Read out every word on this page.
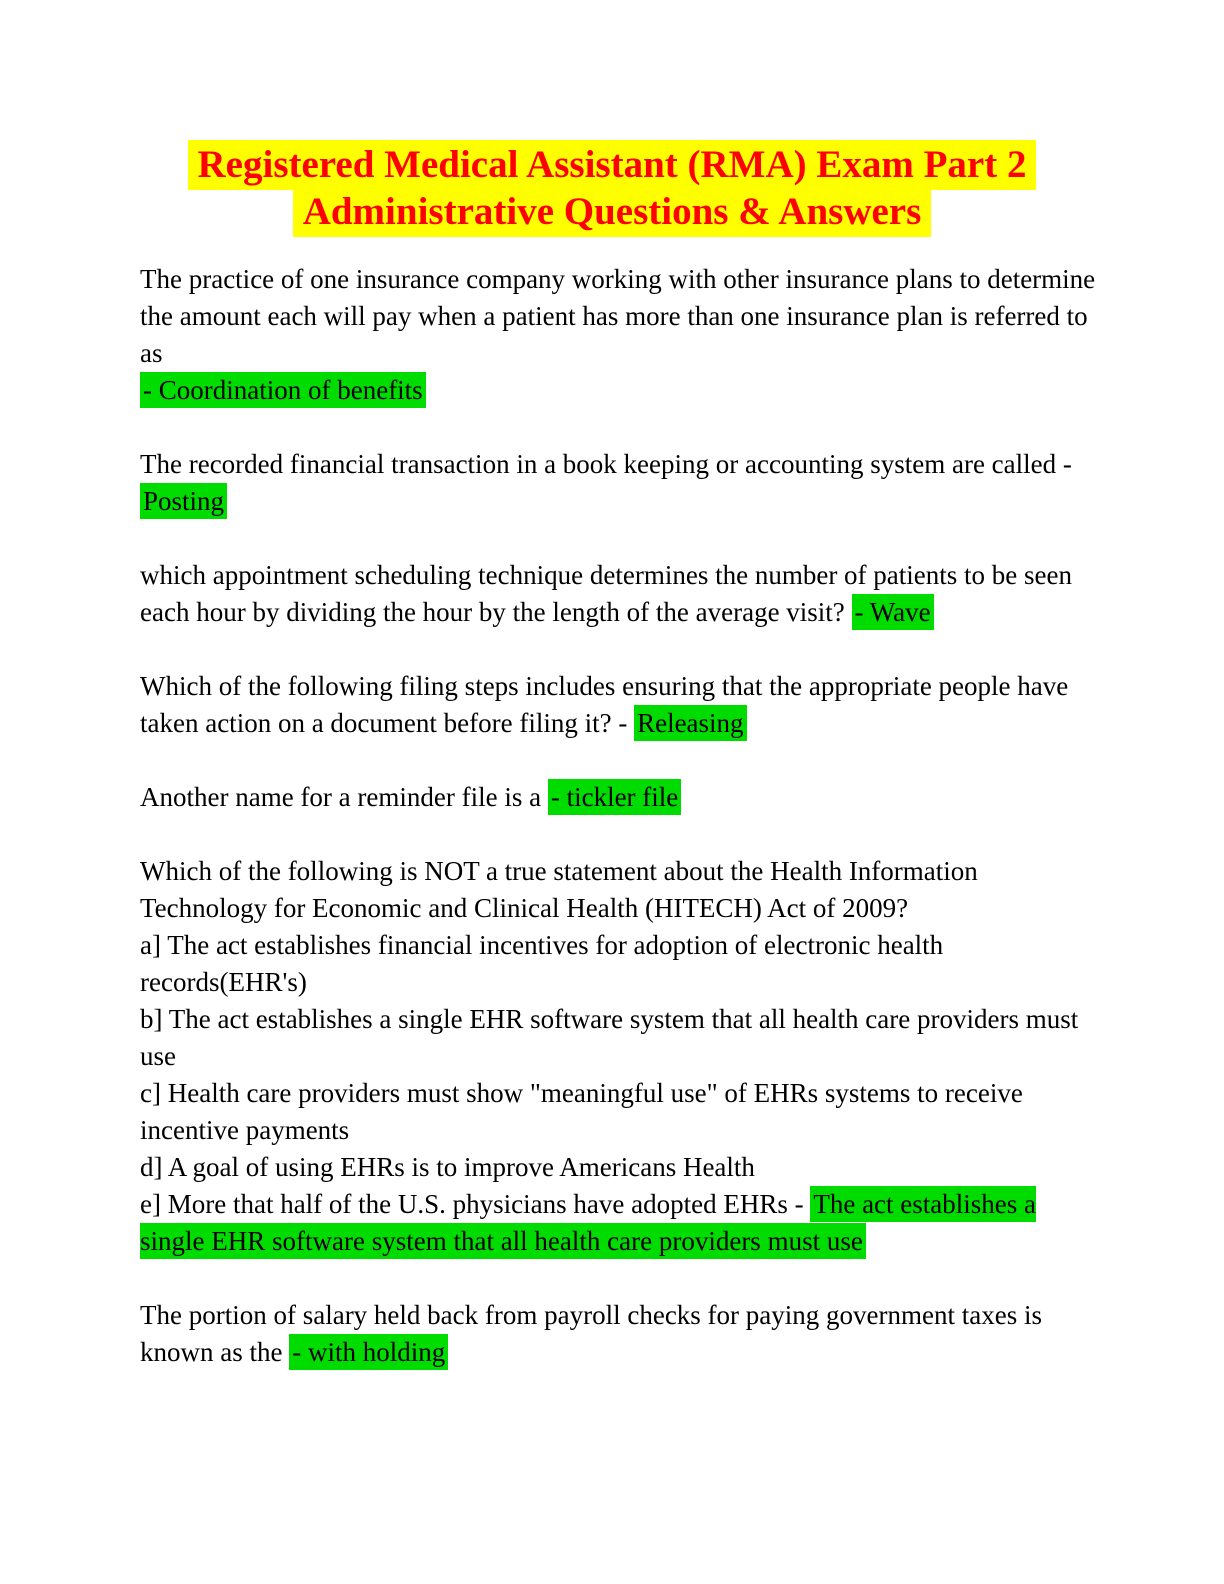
Registered Medical Assistant (RMA) Exam Part 2
Administrative Questions & Answers

The practice of one insurance company working with other insurance plans to determine the amount each will pay when a patient has more than one insurance plan is referred to as
- Coordination of benefits

The recorded financial transaction in a book keeping or accounting system are called - Posting

which appointment scheduling technique determines the number of patients to be seen each hour by dividing the hour by the length of the average visit? - Wave

Which of the following filing steps includes ensuring that the appropriate people have taken action on a document before filing it? - Releasing

Another name for a reminder file is a - tickler file

Which of the following is NOT a true statement about the Health Information Technology for Economic and Clinical Health (HITECH) Act of 2009?
a] The act establishes financial incentives for adoption of electronic health records(EHR's)
b] The act establishes a single EHR software system that all health care providers must use
c] Health care providers must show "meaningful use" of EHRs systems to receive incentive payments
d] A goal of using EHRs is to improve Americans Health
e] More that half of the U.S. physicians have adopted EHRs - The act establishes a single EHR software system that all health care providers must use

The portion of salary held back from payroll checks for paying government taxes is known as the - with holding
